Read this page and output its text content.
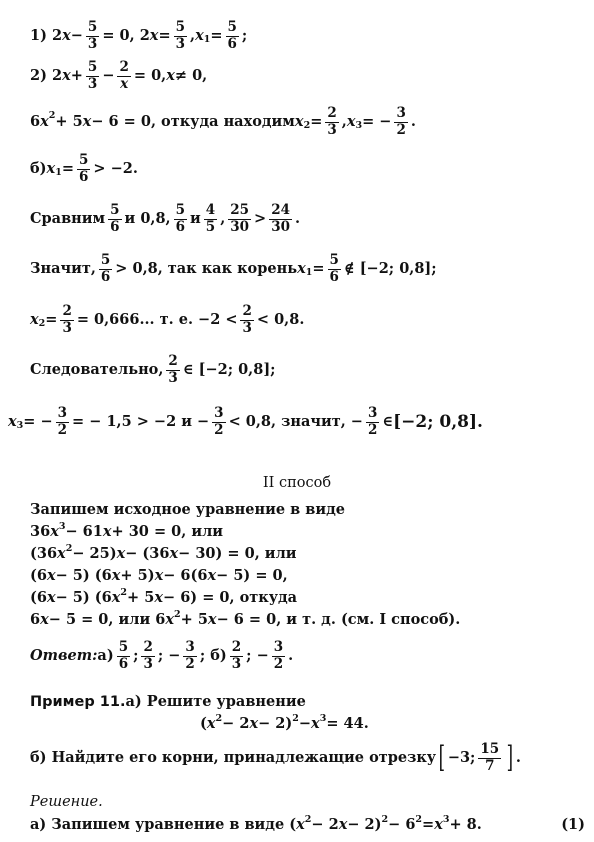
1) 2 $x - \frac{5}{3} = 0$, 2 $x = \frac{5}{3}$ , x $1 = \frac{5}{6}$ ;
2) 2 $x + \frac{5}{3} - \frac{2}{x} = 0$, x ≠ 0,
6 x 2 + 5 x − 6 = 0, откуда находим x $2 = \frac{2}{3}$ , x 3 = − $\frac{3}{2}$ .
б) x $1 = \frac{5}{6} > -2$.
Сравним 5
6 и 0,8, 5
6 и 4
5 , 25
30 > 24
30 .
Значит, 5
6 > 0,8, так как корень x $1 = \frac{5}{6}$ ∉ [−2; 0,8];
x $2 = \frac{2}{3} = 0,666$... т. е. −2 < 2
3 < 0,8.
Следовательно, 2
3 ∈ [−2; 0,8];
x 3 = − $\frac{3}{2}$ = − 1,5 > −2 $и - \frac{3}{2} < 0,8$, значит, − $\frac{3}{2}$ ∈ [−2; 0,8].
II способ
Запишем исходное уравнение в виде
36 x 3 − 61 x + 30 = 0, или
(36 x 2 − 25) x − (36 x − 30) = 0, или
(6 x − 5) (6 x + 5) x − 6(6 x − 5) = 0,
(6 x − 5) (6 x 2 + 5 x − 6) = 0, откуда
6 x − 5 = 0, или 6 x 2 + 5 x − 6 = 0, и т. д. (см. I способ).
Ответ: а) 5
6 ; 2
3 ; − $\frac{3}{2}$ ; б) 2
3 ; − $\frac{3}{2}$ .
Пример 11. а) Решите уравнение
( x 2 − 2 x − 2) 2 − x 3 = 44.
б) Найдите его корни, принадлежащие отрезку [ −3; 15
7 ] .
Решение.
а) Запишем уравнение в виде ( x 2 − 2 x − 2) 2 − 6 2 = x 3 + 8.	(1)
